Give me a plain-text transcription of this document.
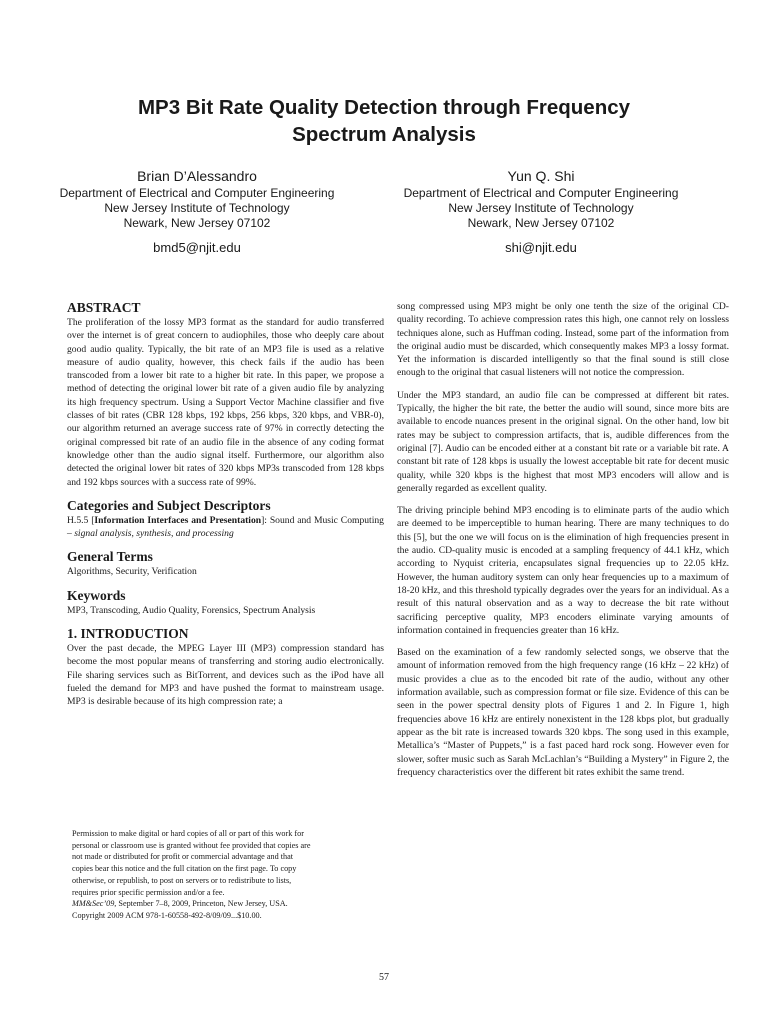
MP3 Bit Rate Quality Detection through Frequency
Spectrum Analysis
Brian D’Alessandro
Department of Electrical and Computer Engineering
New Jersey Institute of Technology
Newark, New Jersey 07102
bmd5@njit.edu
Yun Q. Shi
Department of Electrical and Computer Engineering
New Jersey Institute of Technology
Newark, New Jersey 07102
shi@njit.edu
ABSTRACT

The proliferation of the lossy MP3 format as the standard for audio transferred over the internet is of great concern to audiophiles, those who deeply care about good audio quality. Typically, the bit rate of an MP3 file is used as a relative measure of audio quality, however, this check fails if the audio has been transcoded from a lower bit rate to a higher bit rate. In this paper, we propose a method of detecting the original lower bit rate of a given audio file by analyzing its high frequency spectrum. Using a Support Vector Machine classifier and five classes of bit rates (CBR 128 kbps, 192 kbps, 256 kbps, 320 kbps, and VBR-0), our algorithm returned an average success rate of 97% in correctly detecting the original compressed bit rate of an audio file in the absence of any coding format knowledge other than the audio signal itself. Furthermore, our algorithm also detected the original lower bit rates of 320 kbps MP3s transcoded from 128 kbps and 192 kbps sources with a success rate of 99%.

Categories and Subject Descriptors

H.5.5 [Information Interfaces and Presentation]: Sound and Music Computing – signal analysis, synthesis, and processing

General Terms

Algorithms, Security, Verification

Keywords

MP3, Transcoding, Audio Quality, Forensics, Spectrum Analysis

1. INTRODUCTION

Over the past decade, the MPEG Layer III (MP3) compression standard has become the most popular means of transferring and storing audio electronically. File sharing services such as BitTorrent, and devices such as the iPod have all fueled the demand for MP3 and have pushed the format to mainstream usage. MP3 is desirable because of its high compression rate; a

Permission to make digital or hard copies of all or part of this work for
personal or classroom use is granted without fee provided that copies are
not made or distributed for profit or commercial advantage and that
copies bear this notice and the full citation on the first page. To copy
otherwise, or republish, to post on servers or to redistribute to lists,
requires prior specific permission and/or a fee.
MM&Sec’09, September 7–8, 2009, Princeton, New Jersey, USA.
Copyright 2009 ACM 978-1-60558-492-8/09/09...$10.00.

song compressed using MP3 might be only one tenth the size of the original CD-quality recording. To achieve compression rates this high, one cannot rely on lossless techniques alone, such as Huffman coding. Instead, some part of the information from the original audio must be discarded, which consequently makes MP3 a lossy format. Yet the information is discarded intelligently so that the final sound is still close enough to the original that casual listeners will not notice the compression.

Under the MP3 standard, an audio file can be compressed at different bit rates. Typically, the higher the bit rate, the better the audio will sound, since more bits are available to encode nuances present in the original signal. On the other hand, low bit rates may be subject to compression artifacts, that is, audible differences from the original [7]. Audio can be encoded either at a constant bit rate or a variable bit rate. A constant bit rate of 128 kbps is usually the lowest acceptable bit rate for decent music quality, while 320 kbps is the highest that most MP3 encoders will allow and is generally regarded as excellent quality.

The driving principle behind MP3 encoding is to eliminate parts of the audio which are deemed to be imperceptible to human hearing. There are many techniques to do this [5], but the one we will focus on is the elimination of high frequencies present in the audio. CD-quality music is encoded at a sampling frequency of 44.1 kHz, which according to Nyquist criteria, encapsulates signal frequencies up to 22.05 kHz. However, the human auditory system can only hear frequencies up to a maximum of 18-20 kHz, and this threshold typically degrades over the years for an individual. As a result of this natural observation and as a way to decrease the bit rate without sacrificing perceptive quality, MP3 encoders eliminate varying amounts of information contained in frequencies greater than 16 kHz.

Based on the examination of a few randomly selected songs, we observe that the amount of information removed from the high frequency range (16 kHz – 22 kHz) of music provides a clue as to the encoded bit rate of the audio, without any other information available, such as compression format or file size. Evidence of this can be seen in the power spectral density plots of Figures 1 and 2. In Figure 1, high frequencies above 16 kHz are entirely nonexistent in the 128 kbps plot, but gradually appear as the bit rate is increased towards 320 kbps. The song used in this example, Metallica’s “Master of Puppets,” is a fast paced hard rock song. However even for slower, softer music such as Sarah McLachlan’s “Building a Mystery” in Figure 2, the frequency characteristics over the different bit rates exhibit the same trend.

57
